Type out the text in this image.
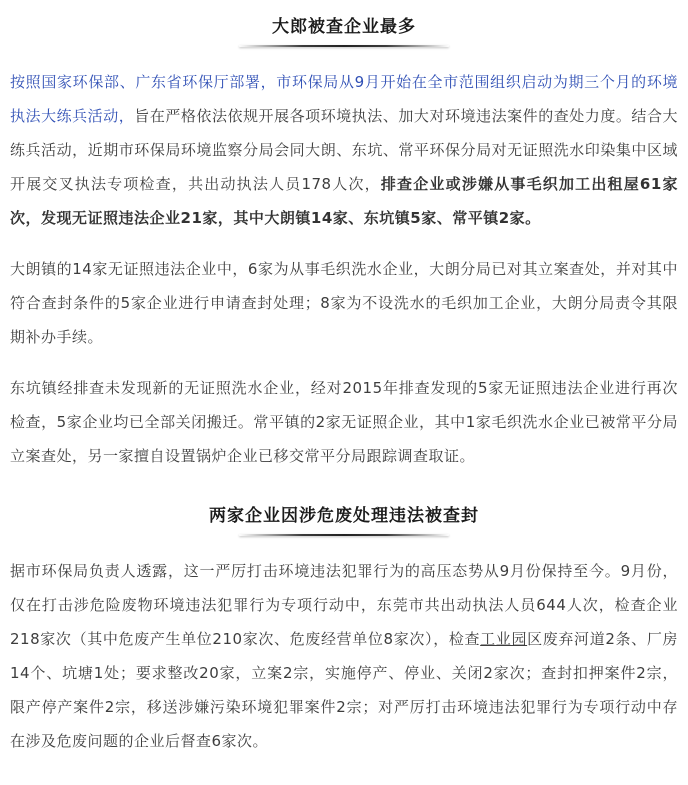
大郎被查企业最多

按照国家环保部、广东省环保厅部署，市环保局从9月开始在全市范围组织启动为期三个月的环境执法大练兵活动，旨在严格依法依规开展各项环境执法、加大对环境违法案件的查处力度。结合大练兵活动，近期市环保局环境监察分局会同大朗、东坑、常平环保分局对无证照洗水印染集中区域开展交叉执法专项检查，共出动执法人员178人次，排查企业或涉嫌从事毛织加工出租屋61家次，发现无证照违法企业21家，其中大朗镇14家、东坑镇5家、常平镇2家。

大朗镇的14家无证照违法企业中，6家为从事毛织洗水企业，大朗分局已对其立案查处，并对其中符合查封条件的5家企业进行申请查封处理；8家为不设洗水的毛织加工企业，大朗分局责令其限期补办手续。

东坑镇经排查未发现新的无证照洗水企业，经对2015年排查发现的5家无证照违法企业进行再次检查，5家企业均已全部关闭搬迁。常平镇的2家无证照企业，其中1家毛织洗水企业已被常平分局立案查处，另一家擅自设置锅炉企业已移交常平分局跟踪调查取证。

两家企业因涉危废处理违法被查封

据市环保局负责人透露，这一严厉打击环境违法犯罪行为的高压态势从9月份保持至今。9月份，仅在打击涉危险废物环境违法犯罪行为专项行动中，东莞市共出动执法人员644人次，检查企业218家次（其中危废产生单位210家次、危废经营单位8家次），检查工业园区废弃河道2条、厂房14个、坑塘1处；要求整改20家，立案2宗，实施停产、停业、关闭2家次；查封扣押案件2宗，限产停产案件2宗，移送涉嫌污染环境犯罪案件2宗；对严厉打击环境违法犯罪行为专项行动中存在涉及危废问题的企业后督查6家次。
